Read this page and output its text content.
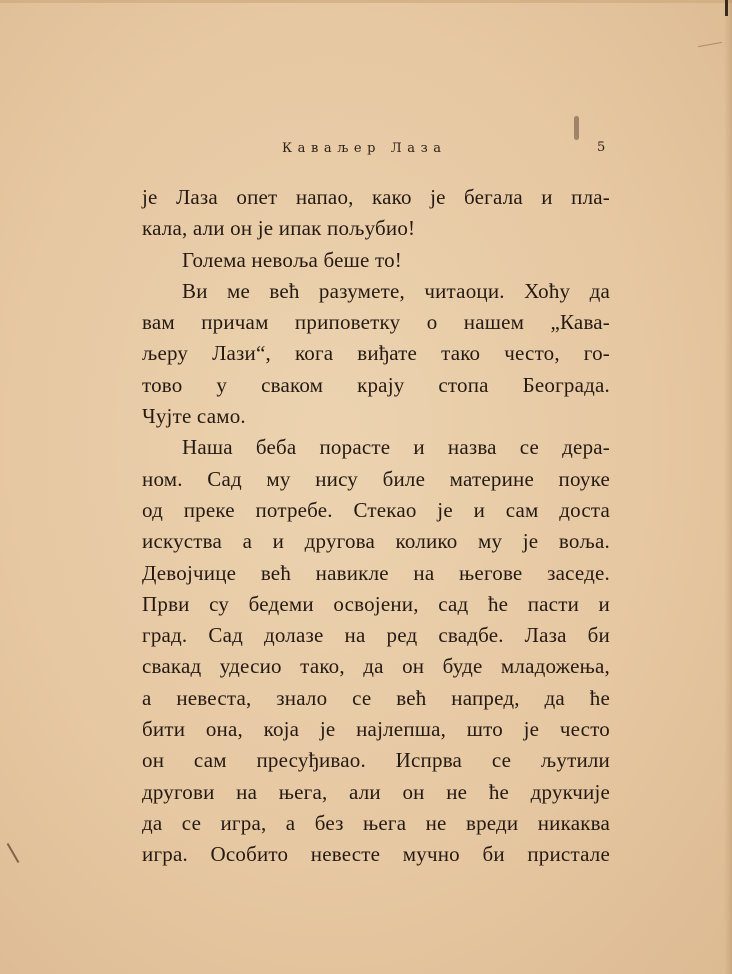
Каваљер Лаза	5
је Лаза опет напао, како је бегала и пла-
кала, али он је ипак пољубио!
Голема невоља беше то!
Ви ме већ разумете, читаоци. Хоћу да
вам причам приповетку о нашем „Кава-
љеру Лази“, кога виђате тако често, го-
тово у сваком крају стопа Београда.
Чујте само.
Наша беба порасте и назва се дера-
ном. Сад му нису биле материне поуке
од преке потребе. Стекао је и сам доста
искуства а и другова колико му је воља.
Девојчице већ навикле на његове заседе.
Први су бедеми освојени, сад ће пасти и
град. Сад долазе на ред свадбе. Лаза би
свакад удесио тако, да он буде младожења,
а невеста, знало се већ напред, да ће
бити она, која је најлепша, што је често
он сам пресуђивао. Испрва се љутили
другови на њега, али он не ће друкчије
да се игра, а без њега не вреди никаква
игра. Особито невесте мучно би пристале
